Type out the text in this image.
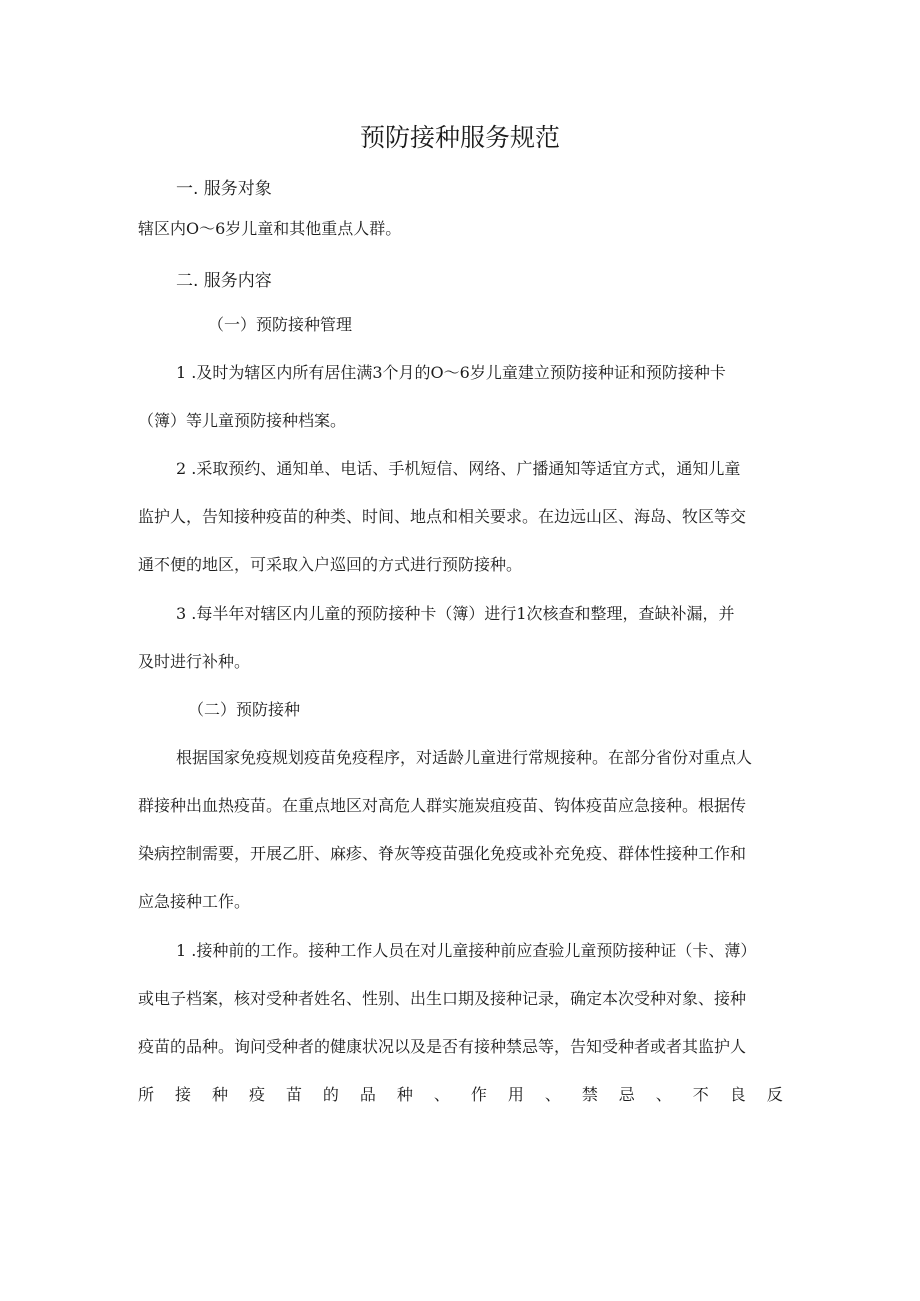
预防接种服务规范
一. 服务对象
辖区内O～6岁儿童和其他重点人群。
二. 服务内容
（一）预防接种管理
1 .及时为辖区内所有居住满3个月的O～6岁儿童建立预防接种证和预防接种卡
（簿）等儿童预防接种档案。
2 .采取预约、通知单、电话、手机短信、网络、广播通知等适宜方式，通知儿童
监护人，告知接种疫苗的种类、时间、地点和相关要求。在边远山区、海岛、牧区等交
通不便的地区，可采取入户巡回的方式进行预防接种。
3 .每半年对辖区内儿童的预防接种卡（簿）进行1次核查和整理，查缺补漏，并
及时进行补种。
（二）预防接种
根据国家免疫规划疫苗免疫程序，对适龄儿童进行常规接种。在部分省份对重点人
群接种出血热疫苗。在重点地区对高危人群实施炭疽疫苗、钩体疫苗应急接种。根据传
染病控制需要，开展乙肝、麻疹、脊灰等疫苗强化免疫或补充免疫、群体性接种工作和
应急接种工作。
1 .接种前的工作。接种工作人员在对儿童接种前应查验儿童预防接种证（卡、薄）
或电子档案，核对受种者姓名、性别、出生口期及接种记录，确定本次受种对象、接种
疫苗的品种。询问受种者的健康状况以及是否有接种禁忌等，告知受种者或者其监护人
所 接 种 疫 苗 的 品 种 、 作 用 、 禁 忌 、 不 良 反
